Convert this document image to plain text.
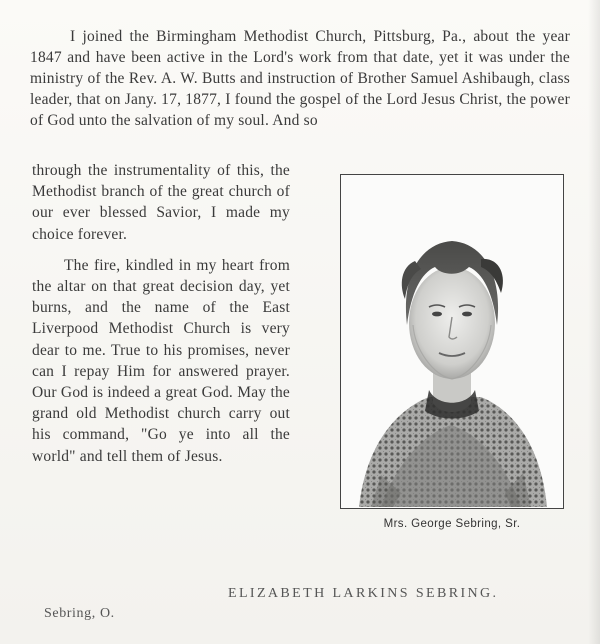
I joined the Birmingham Methodist Church, Pittsburg, Pa., about the year 1847 and have been active in the Lord's work from that date, yet it was under the ministry of the Rev. A. W. Butts and instruction of Brother Samuel Ashibaugh, class leader, that on Jany. 17, 1877, I found the gospel of the Lord Jesus Christ, the power of God unto the salvation of my soul. And so

through the instrumentality of this, the Methodist branch of the great church of our ever blessed Savior, I made my choice forever.

The fire, kindled in my heart from the altar on that great decision day, yet burns, and the name of the East Liverpood Methodist Church is very dear to me. True to his promises, never can I repay Him for answered prayer. Our God is indeed a great God. May the grand old Methodist church carry out his command, "Go ye into all the world" and tell them of Jesus.

Mrs. George Sebring, Sr.
ELIZABETH LARKINS SEBRING.
Sebring, O.
